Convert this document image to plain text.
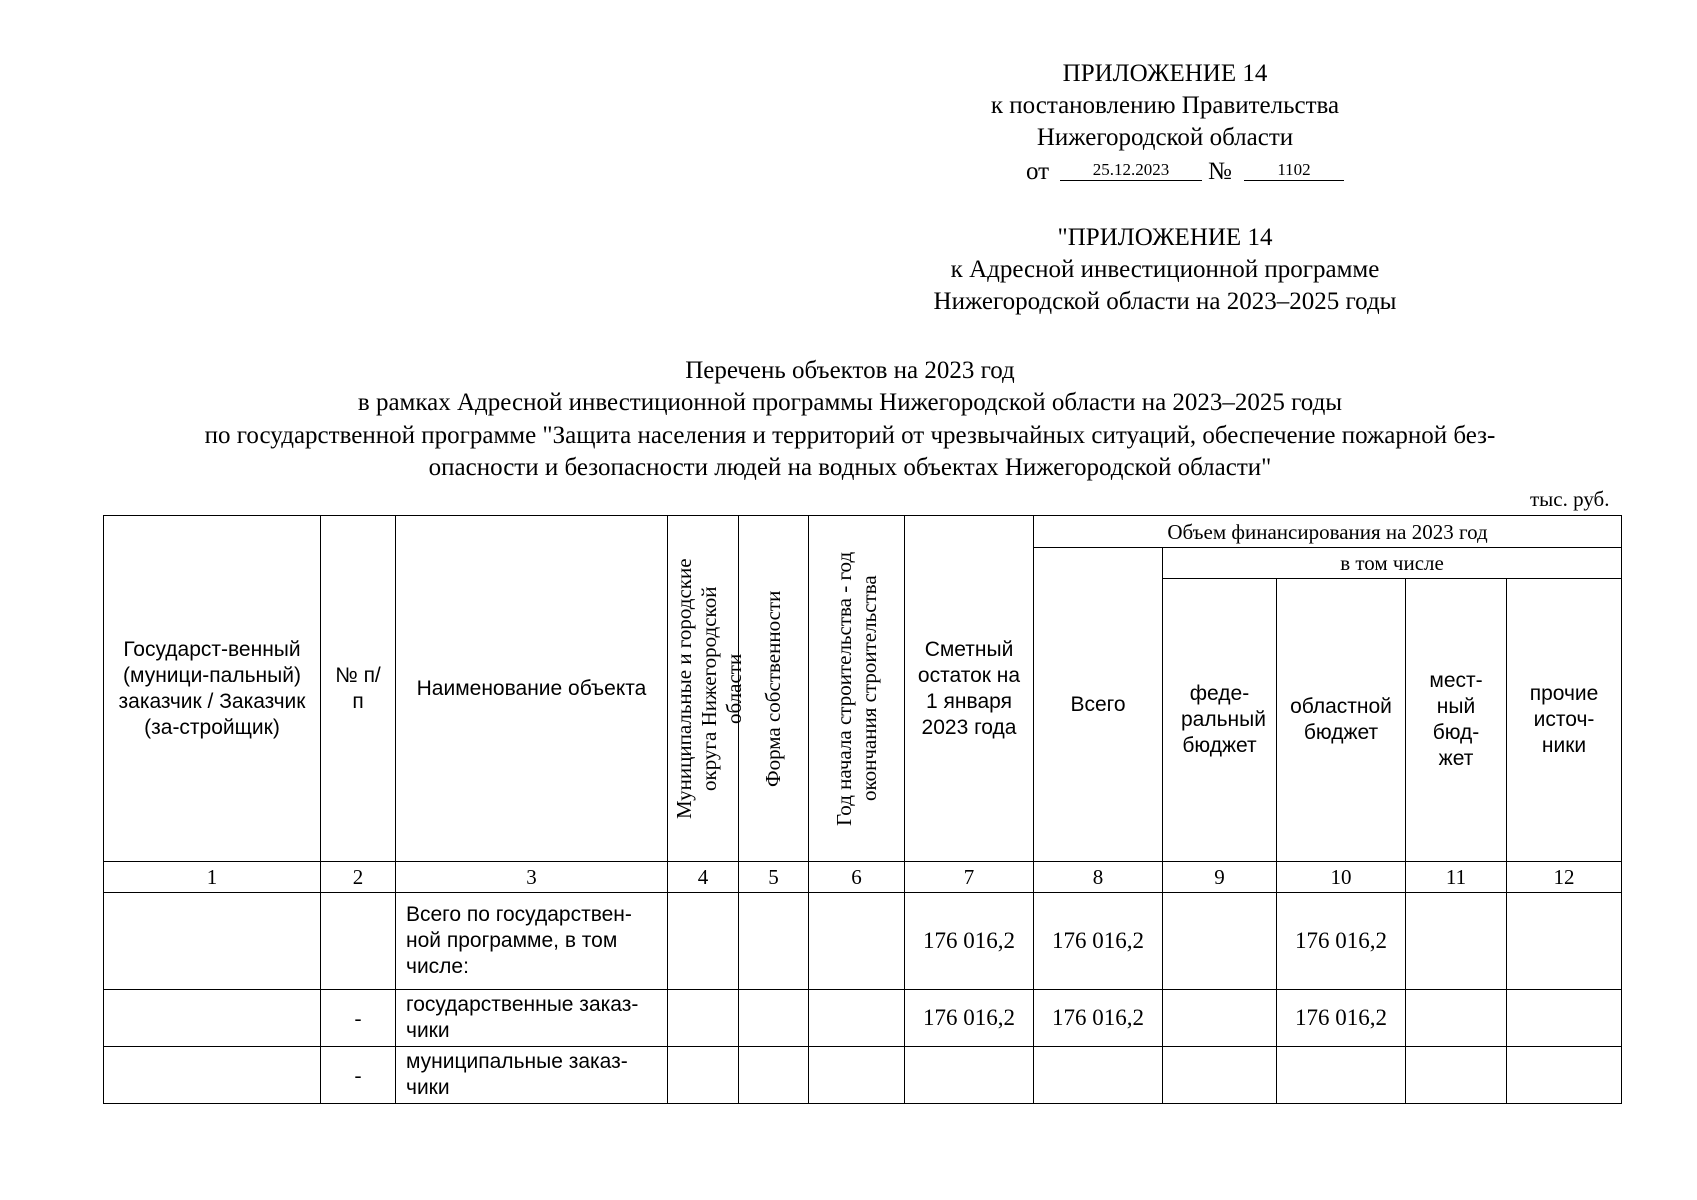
ПРИЛОЖЕНИЕ 14
к постановлению Правительства
Нижегородской области
от	25.12.2023	№	1102
"ПРИЛОЖЕНИЕ 14
к Адресной инвестиционной программе
Нижегородской области на 2023–2025 годы
Перечень объектов на 2023 год
в рамках Адресной инвестиционной программы Нижегородской области на 2023–2025 годы
по государственной программе "Защита населения и территорий от чрезвычайных ситуаций, обеспечение пожарной без-
опасности и безопасности людей на водных объектах Нижегородской области"
тыс. руб.
Государст-венный (муници-пальный) заказчик / Заказчик (за-стройщик)	№ п/п	Наименование объекта	Муниципальные и городские округа Нижегородской области	Форма собственности	Год начала строительства - год окончания строительства	Сметный остаток на 1 января 2023 года	Объем финансирования на 2023 год				
							Всего	в том числе			
								феде-ральный бюджет	областной бюджет	мест-ный бюд-жет	прочие источ-ники
1	2	3	4	5	6	7	8	9	10	11	12
		Всего по государствен-ной программе, в том числе:				176 016,2	176 016,2		176 016,2		
	-	государственные заказ-чики				176 016,2	176 016,2		176 016,2		
	-	муниципальные заказ-чики									
